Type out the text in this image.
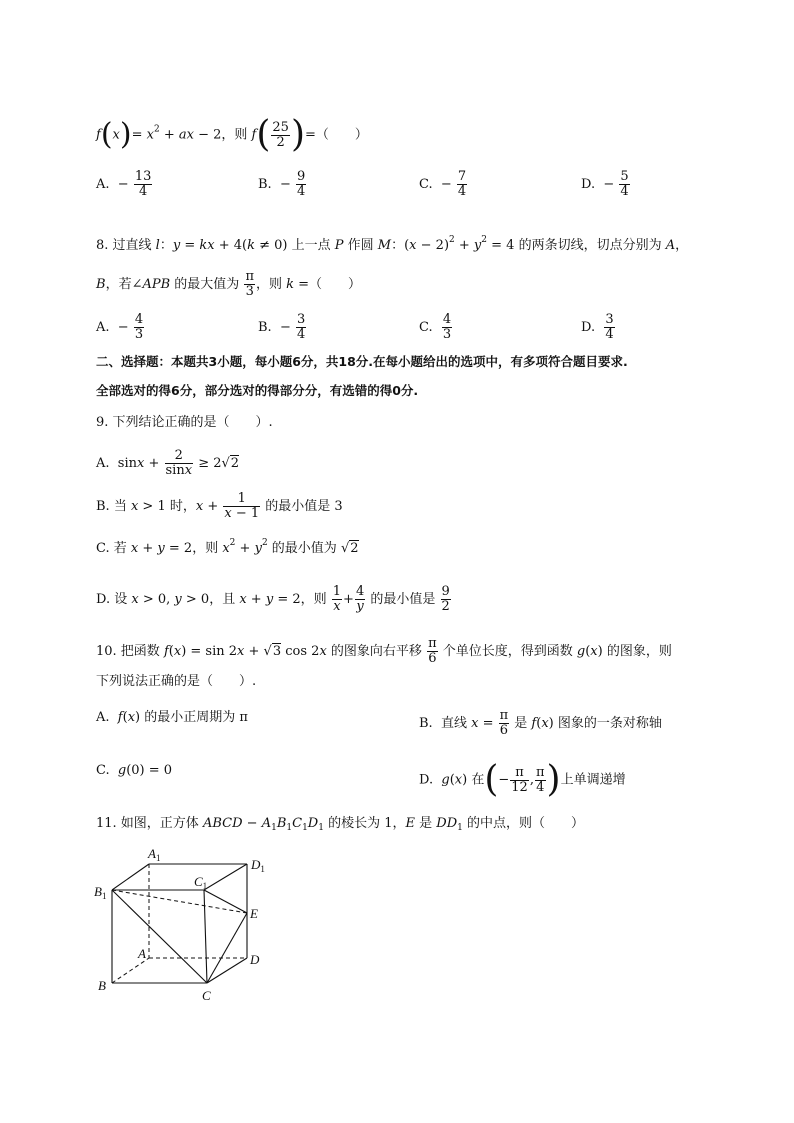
$f(x)= x^2$ + ax − 2，则 $f( \frac{25}{2}$ )=（　　）
A.  − $\frac{13}{4}$	B.  − $\frac{9}{4}$	C.  − $\frac{7}{4}$	D.  − $\frac{5}{4}$
8. 过直线 l：y = kx + 4(k ≠ 0) 上一点 P 作圆 M：$(x - 2)^2 + y^2 = 4$ 的两条切线，切点分别为 A，
B，若∠APB 的最大值为 $\frac{\pi}{3}$ ，则 k =（　　）
A.  − $\frac{4}{3}$	B.  − $\frac{3}{4}$	C. $\frac{4}{3}$	D. $\frac{3}{4}$
二、选择题：本题共3小题，每小题6分，共18分.在每小题给出的选项中，有多项符合题目要求.
全部选对的得6分，部分选对的得部分分，有选错的得0分.
9. 下列结论正确的是（　　）.
A.  $\sin x + \frac{2}{\sin x} \ge 2√2$
B. 当 x > 1 时，$x + \frac{1}{x - 1}$ 的最小值是 3
C. 若 x + y = 2，则 $x^2 + y^2$ 的最小值为 √2
D. 设 x > 0, y > 0，且 x + y = 2，则 $\frac{1}{x} + \frac{4}{y}$ 的最小值是 $\frac{9}{2}$
10. 把函数 f(x) = sin 2x + √3 cos 2x 的图象向右平移 $\frac{\pi}{6}$ 个单位长度，得到函数 g(x) 的图象，则
下列说法正确的是（　　）.
A.  f(x) 的最小正周期为 π	B.  直线 $x = \frac{\pi}{6}$ 是 f(x) 图象的一条对称轴
C.  g(0) = 0
D.  g(x) 在(− $\frac{\pi}{12}$ , $\frac{\pi}{4}$ )上单调递增
11. 如图，正方体 ABCD − $A_1B_1C_1D_1$ 的棱长为 1，E 是 $DD_1$ 的中点，则（　　）
$A_1$	$D_1$
$C_1$
$B_1$
E
A	D
B
C
